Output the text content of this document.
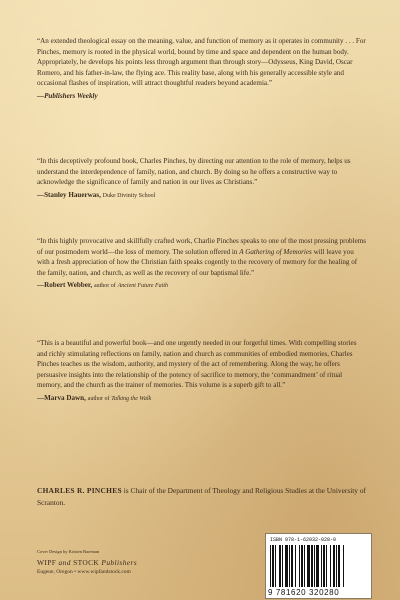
“An extended theological essay on the meaning, value, and function of memory as it operates in community . . . For Pinches, memory is rooted in the physical world, bound by time and space and dependent on the human body. Appropriately, he develops his points less through argument than through story—Odysseus, King David, Oscar Romero, and his father-in-law, the flying ace. This reality base, along with his generally accessible style and occasional flashes of inspiration, will attract thoughtful readers beyond academia.”
—Publishers Weekly
“In this deceptively profound book, Charles Pinches, by directing our attention to the role of memory, helps us understand the interdependence of family, nation, and church. By doing so he offers a constructive way to acknowledge the significance of family and nation in our lives as Christians.”
—Stanley Hauerwas, Duke Divinity School
“In this highly provocative and skillfully crafted work, Charlie Pinches speaks to one of the most pressing problems of our postmodern world—the loss of memory. The solution offered in A Gathering of Memories will leave you with a fresh appreciation of how the Christian faith speaks cogently to the recovery of memory for the healing of the family, nation, and church, as well as the recovery of our baptismal life.”
—Robert Webber, author of Ancient Future Faith
“This is a beautiful and powerful book—and one urgently needed in our forgetful times. With compelling stories and richly stimulating reflections on family, nation and church as communities of embodied memories, Charles Pinches teaches us the wisdom, authority, and mystery of the act of remembering. Along the way, he offers persuasive insights into the relationship of the potency of sacrifice to memory, the ‘commandment’ of ritual memory, and the church as the trainer of memories. This volume is a superb gift to all.”
—Marva Dawn, author of Talking the Walk
CHARLES R. PINCHES is Chair of the Department of Theology and Religious Studies at the University of Scranton.
Cover Design by Kristen Bareman
WIPF and STOCK Publishers
Eugene, Oregon • www.wipfandstock.com
ISBN 978-1-62032-028-0
9 781620 320280
